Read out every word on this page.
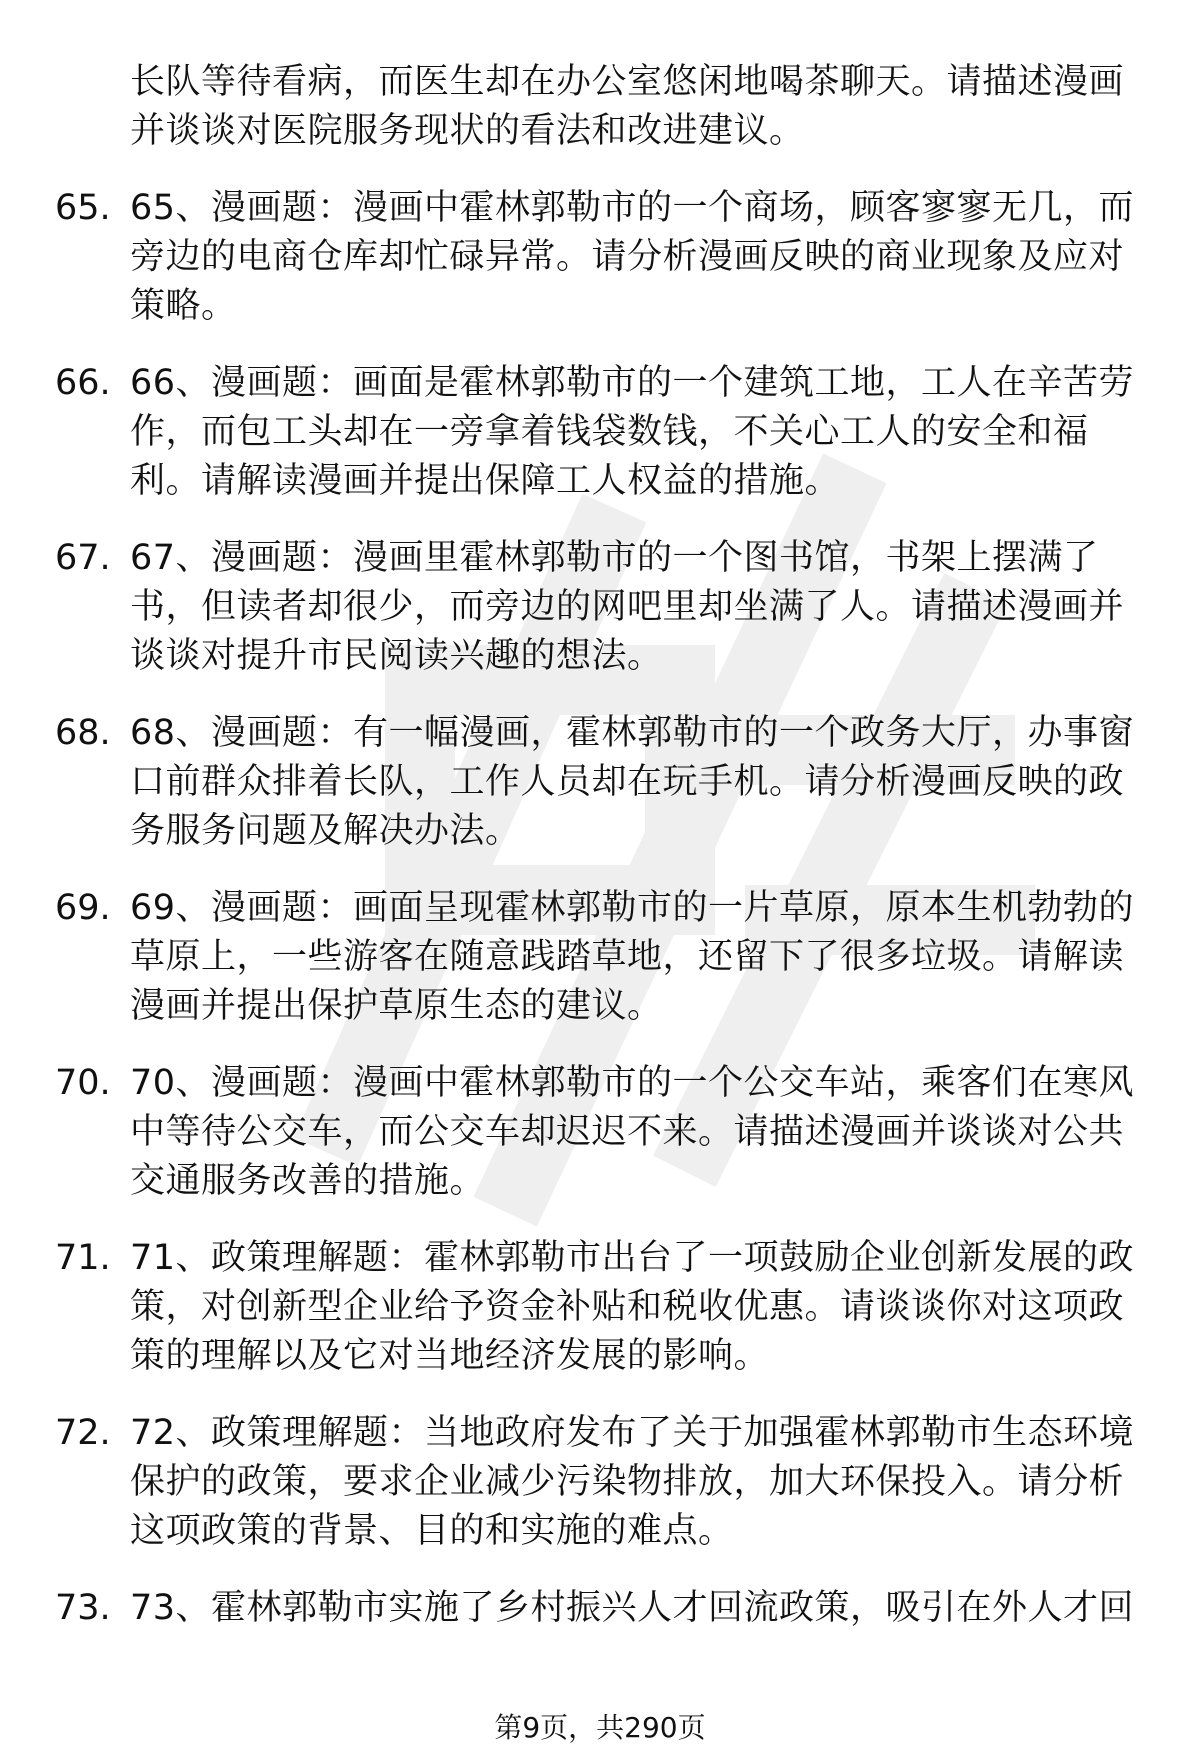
长队等待看病，而医生却在办公室悠闲地喝茶聊天。请描述漫画并谈谈对医院服务现状的看法和改进建议。

65. 65、漫画题：漫画中霍林郭勒市的一个商场，顾客寥寥无几，而旁边的电商仓库却忙碌异常。请分析漫画反映的商业现象及应对策略。
66. 66、漫画题：画面是霍林郭勒市的一个建筑工地，工人在辛苦劳作，而包工头却在一旁拿着钱袋数钱，不关心工人的安全和福利。请解读漫画并提出保障工人权益的措施。
67. 67、漫画题：漫画里霍林郭勒市的一个图书馆，书架上摆满了书，但读者却很少，而旁边的网吧里却坐满了人。请描述漫画并谈谈对提升市民阅读兴趣的想法。
68. 68、漫画题：有一幅漫画，霍林郭勒市的一个政务大厅，办事窗口前群众排着长队，工作人员却在玩手机。请分析漫画反映的政务服务问题及解决办法。
69. 69、漫画题：画面呈现霍林郭勒市的一片草原，原本生机勃勃的草原上，一些游客在随意践踏草地，还留下了很多垃圾。请解读漫画并提出保护草原生态的建议。
70. 70、漫画题：漫画中霍林郭勒市的一个公交车站，乘客们在寒风中等待公交车，而公交车却迟迟不来。请描述漫画并谈谈对公共交通服务改善的措施。
71. 71、政策理解题：霍林郭勒市出台了一项鼓励企业创新发展的政策，对创新型企业给予资金补贴和税收优惠。请谈谈你对这项政策的理解以及它对当地经济发展的影响。
72. 72、政策理解题：当地政府发布了关于加强霍林郭勒市生态环境保护的政策，要求企业减少污染物排放，加大环保投入。请分析这项政策的背景、目的和实施的难点。
73. 73、霍林郭勒市实施了乡村振兴人才回流政策，吸引在外人才回
第9页，共290页
